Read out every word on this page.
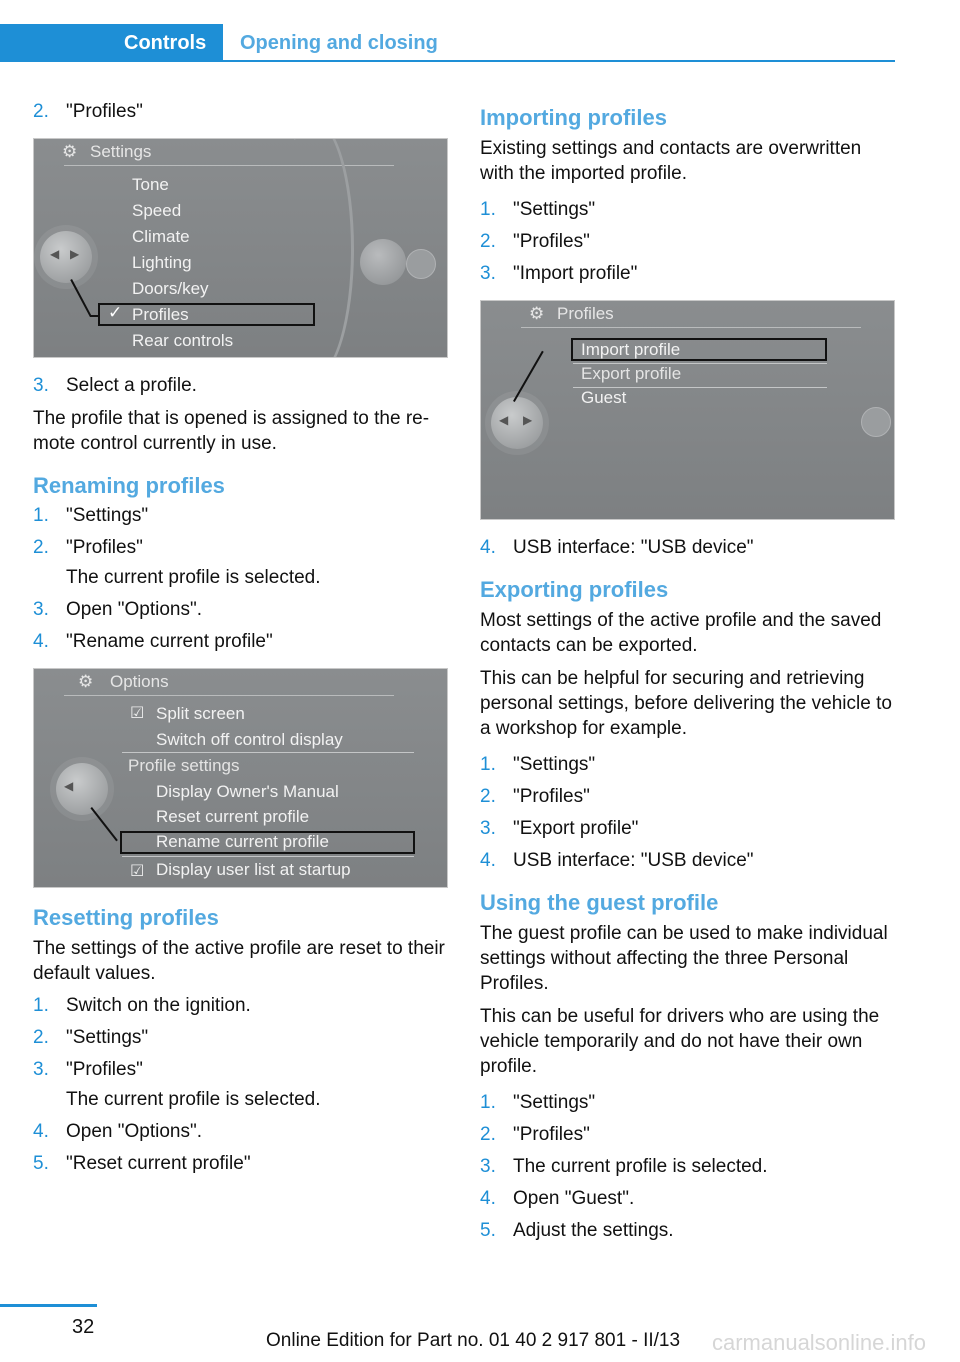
Controls	Opening and closing
2. "Profiles"
⚙ Settings
Tone
Speed
Climate
Lighting
Doors/key
Profiles
Rear controls
✓
◀ ▶
3. Select a profile.
The profile that is opened is assigned to the re-mote control currently in use.
Renaming profiles
1. "Settings"
2. "Profiles"
The current profile is selected.
3. Open "Options".
4. "Rename current profile"
⚙ Options
☑ Split screen
Switch off control display
Profile settings
Display Owner's Manual
Reset current profile
Rename current profile
☑ Display user list at startup
◀
Resetting profiles
The settings of the active profile are reset to their default values.
1. Switch on the ignition.
2. "Settings"
3. "Profiles"
The current profile is selected.
4. Open "Options".
5. "Reset current profile"
Importing profiles
Existing settings and contacts are overwritten with the imported profile.
1. "Settings"
2. "Profiles"
3. "Import profile"
⚙ Profiles
Import profile
Export profile
Guest
◀ ▶
4. USB interface: "USB device"
Exporting profiles
Most settings of the active profile and the saved contacts can be exported.
This can be helpful for securing and retrieving personal settings, before delivering the vehicle to a workshop for example.
1. "Settings"
2. "Profiles"
3. "Export profile"
4. USB interface: "USB device"
Using the guest profile
The guest profile can be used to make individual settings without affecting the three Personal Profiles.
This can be useful for drivers who are using the vehicle temporarily and do not have their own profile.
1. "Settings"
2. "Profiles"
3. The current profile is selected.
4. Open "Guest".
5. Adjust the settings.
32
Online Edition for Part no. 01 40 2 917 801 - II/13 carmanualsonline.info
